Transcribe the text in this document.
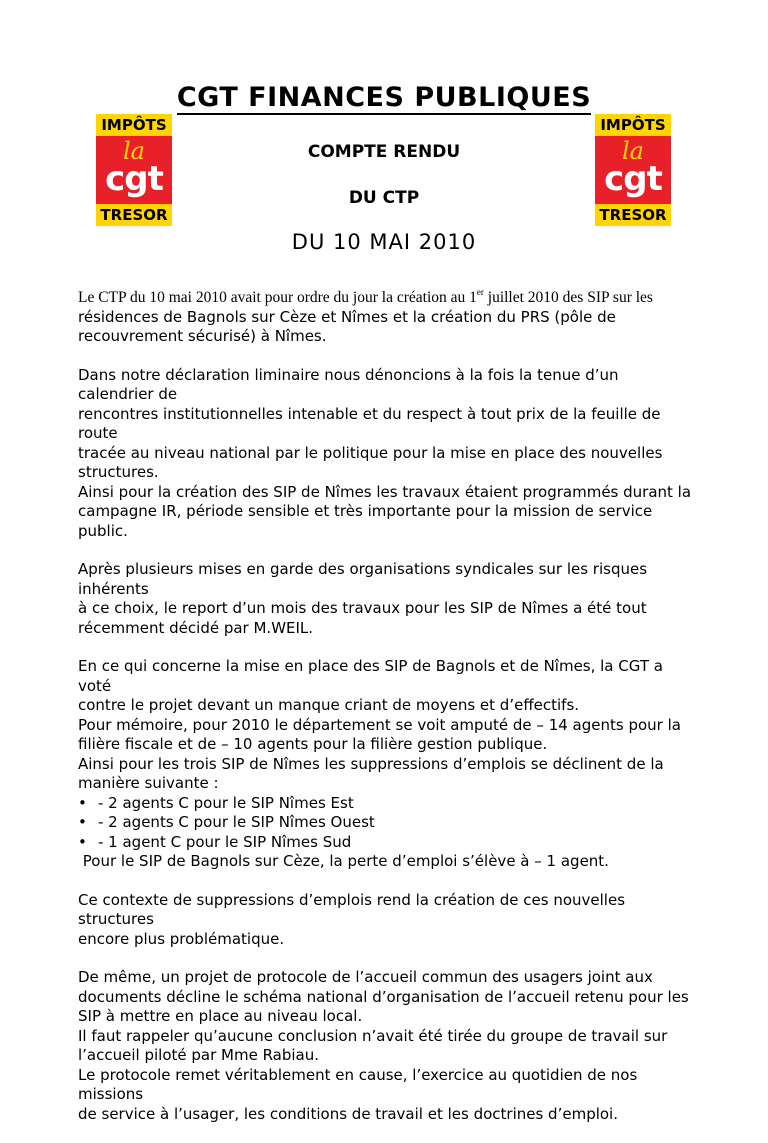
CGT FINANCES PUBLIQUES
IMPÔTS
la
cgt
TRESOR
IMPÔTS
la
cgt
TRESOR
COMPTE RENDU
DU CTP
DU 10 MAI 2010

Le CTP du 10 mai 2010 avait pour ordre du jour la création au 1er juillet 2010 des SIP sur les
résidences de Bagnols sur Cèze et Nîmes et la création du PRS (pôle de
recouvrement sécurisé) à Nîmes.

Dans notre déclaration liminaire nous dénoncions à la fois la tenue d’un calendrier de
rencontres institutionnelles intenable et du respect à tout prix de la feuille de route
tracée au niveau national par le politique pour la mise en place des nouvelles
structures.
Ainsi pour la création des SIP de Nîmes les travaux étaient programmés durant la
campagne IR, période sensible et très importante pour la mission de service public.

Après plusieurs mises en garde des organisations syndicales sur les risques inhérents
à ce choix, le report d’un mois des travaux pour les SIP de Nîmes a été tout
récemment décidé par M.WEIL.

En ce qui concerne la mise en place des SIP de Bagnols et de Nîmes, la CGT a voté
contre le projet devant un manque criant de moyens et d’effectifs.
Pour mémoire, pour 2010 le département se voit amputé de – 14 agents pour la
filière fiscale et de – 10 agents pour la filière gestion publique.
Ainsi pour les trois SIP de Nîmes les suppressions d’emplois se déclinent de la
manière suivante :
• - 2 agents C pour le SIP Nîmes Est
• - 2 agents C pour le SIP Nîmes Ouest
• - 1 agent C pour le SIP Nîmes Sud
Pour le SIP de Bagnols sur Cèze, la perte d’emploi s’élève à – 1 agent.

Ce contexte de suppressions d’emplois rend la création de ces nouvelles structures
encore plus problématique.

De même, un projet de protocole de l’accueil commun des usagers joint aux
documents décline le schéma national d’organisation de l’accueil retenu pour les
SIP à mettre en place au niveau local.
Il faut rappeler qu’aucune conclusion n’avait été tirée du groupe de travail sur
l’accueil piloté par Mme Rabiau.
Le protocole remet véritablement en cause, l’exercice au quotidien de nos missions
de service à l’usager, les conditions de travail et les doctrines d’emploi.
